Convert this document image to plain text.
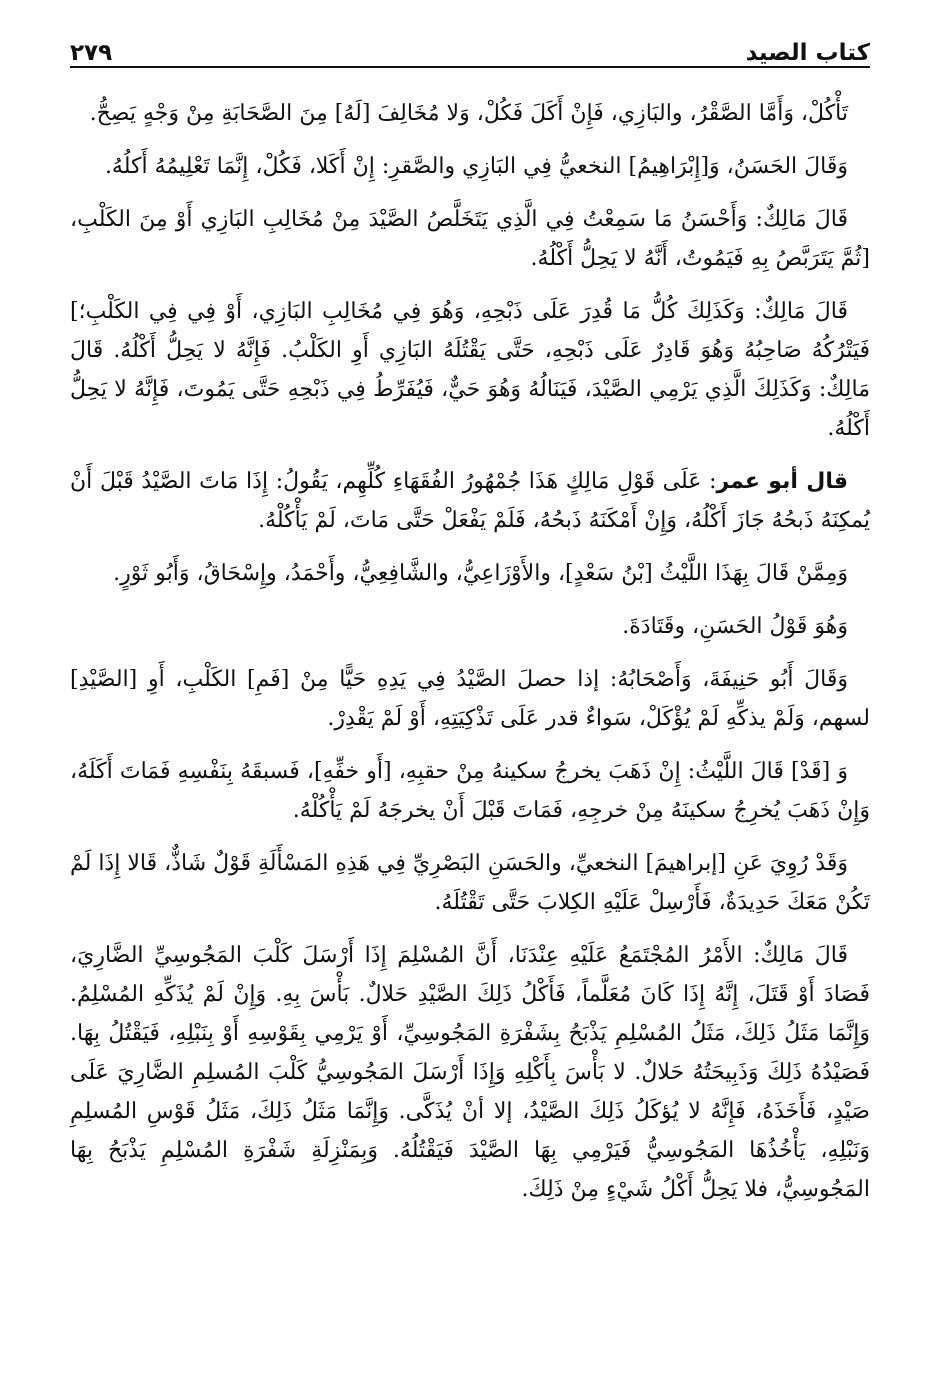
كتاب الصيد
٢٧٩

تَأْكُلْ، وَأَمَّا الصَّقْرُ، والبَازِي، فَإِنْ أَكَلَ فَكُلْ، وَلا مُخَالِفَ [لَهُ] مِنَ الصَّحَابَةِ مِنْ وَجْهٍ يَصِحُّ.

وَقَالَ الحَسَنُ، وَ[إِبْرَاهِيمُ] النخعيُّ فِي البَازِي والصَّقرِ: إِنْ أَكَلا، فَكُلْ، إِنَّمَا تَعْلِيمُهُ أَكلُهُ.

قَالَ مَالِكٌ: وَأَحْسَنُ مَا سَمِعْتُ فِي الَّذِي يَتَخَلَّصُ الصَّيْدَ مِنْ مُخَالِبِ البَازِي أَوْ مِنَ الكَلْبِ، [ثُمَّ يَتَرَبَّصُ بِهِ فَيَمُوتُ، أَنَّهُ لا يَحِلُّ أَكْلُهُ.

قَالَ مَالِكٌ: وَكَذَلِكَ كُلُّ مَا قُدِرَ عَلَى ذَبْحِهِ، وَهُوَ فِي مُخَالِبِ البَازِي، أَوْ فِي فِي الكَلْبِ؛] فَيَتْرُكُهُ صَاحِبُهُ وَهُوَ قَادِرٌ عَلَى ذَبْحِهِ، حَتَّى يَقْتُلَهُ البَازِي أَوِ الكَلْبُ. فَإِنَّهُ لا يَحِلُّ أَكْلُهُ. قَالَ مَالِكٌ: وَكَذَلِكَ الَّذِي يَرْمِي الصَّيْدَ، فَيَنَالُهُ وَهُوَ حَيٌّ، فَيُفَرِّطُ فِي ذَبْحِهِ حَتَّى يَمُوتَ، فَإِنَّهُ لا يَحِلُّ أَكْلُهُ.

قال أبو عمر: عَلَى قَوْلِ مَالِكٍ هَذَا جُمْهُورُ الفُقَهَاءِ كُلِّهِم، يَقُولُ: إِذَا مَاتَ الصَّيْدُ قَبْلَ أَنْ يُمكِنَهُ ذَبحُهُ جَازَ أَكْلُهُ، وَإِنْ أَمْكَنَهُ ذَبحُهُ، فَلَمْ يَفْعَلْ حَتَّى مَاتَ، لَمْ يَأْكُلْهُ.

وَمِمَّنْ قَالَ بِهَذَا اللَّيْثُ [بْنُ سَعْدٍ]، والأَوْزَاعِيُّ، والشَّافِعِيُّ، وأَحْمَدُ، وإِسْحَاقُ، وَأَبُو ثَوْرٍ.

وَهُوَ قَوْلُ الحَسَنِ، وقَتَادَةَ.

وَقَالَ أَبُو حَنِيفَةَ، وَأَصْحَابُهُ: إذا حصلَ الصَّيْدُ فِي يَدِهِ حَيًّا مِنْ [فَمِ] الكَلْبِ، أَوِ [الصَّيْدِ] لسهم، وَلَمْ يذكِّهِ لَمْ يُؤْكَلْ، سَواءٌ قدر عَلَى تَذْكِيَتِهِ، أَوْ لَمْ يَقْدِرْ.

وَ [قَدْ] قَالَ اللَّيْثُ: إِنْ ذَهَبَ يخرجُ سكينهُ مِنْ حقبِهِ، [أَو خفِّهِ]، فَسبقَهُ بِنَفْسِهِ فَمَاتَ أَكَلَهُ، وَإِنْ ذَهَبَ يُخرِجُ سكينَهُ مِنْ خرجِهِ، فَمَاتَ قَبْلَ أَنْ يخرجَهُ لَمْ يَأْكُلْهُ.

وَقَدْ رُوِيَ عَنِ [إبراهيمَ] النخعيِّ، والحَسَنِ البَصْرِيِّ فِي هَذِهِ المَسْأَلَةِ قَوْلٌ شَاذٌّ، قَالا إِذَا لَمْ تَكُنْ مَعَكَ حَدِيدَةٌ، فَأَرْسِلْ عَلَيْهِ الكِلابَ حَتَّى تَقْتُلَهُ.

قَالَ مَالِكٌ: الأَمْرُ المُجْتَمَعُ عَلَيْهِ عِنْدَنَا، أَنَّ المُسْلِمَ إِذَا أَرْسَلَ كَلْبَ المَجُوسِيِّ الضَّارِيَ، فَصَادَ أَوْ قَتَلَ، إِنَّهُ إِذَا كَانَ مُعَلَّماً، فَأَكْلُ ذَلِكَ الصَّيْدِ حَلالٌ. بَأْسَ بِهِ. وَإِنْ لَمْ يُذَكِّهِ المُسْلِمُ. وَإِنَّمَا مَثَلُ ذَلِكَ، مَثَلُ المُسْلِمِ يَذْبَحُ بِشَفْرَةِ المَجُوسِيِّ، أَوْ يَرْمِي بِقَوْسِهِ أَوْ بِنَبْلِهِ، فَيَقْتُلُ بِهَا. فَصَيْدُهُ ذَلِكَ وَذَبِيحَتُهُ حَلالٌ. لا بَأْسَ بِأَكْلِهِ وَإِذَا أَرْسَلَ المَجُوسِيُّ كَلْبَ المُسلِمِ الضَّارِيَ عَلَى صَيْدٍ، فَأَخَذَهُ، فَإِنَّهُ لا يُؤكَلُ ذَلِكَ الصَّيْدُ، إلا أنْ يُذَكَّى. وَإِنَّمَا مَثَلُ ذَلِكَ، مَثَلُ قَوْسِ المُسلِمِ وَنَبْلِهِ، يَأْخُذُهَا المَجُوسِيُّ فَيَرْمِي بِهَا الصَّيْدَ فَيَقْتُلُهُ. وَبِمَنْزِلَةِ شَفْرَةِ المُسْلِمِ يَذْبَحُ بِهَا المَجُوسِيُّ، فلا يَحِلُّ أَكْلُ شَيْءٍ مِنْ ذَلِكَ.
